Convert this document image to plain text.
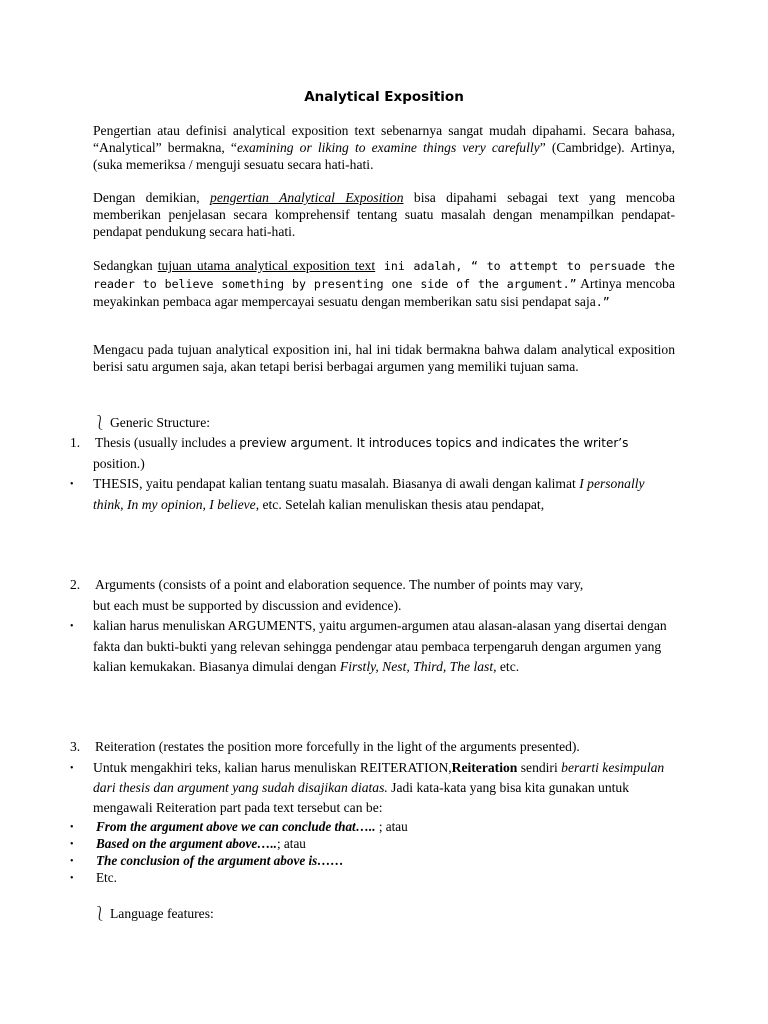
Analytical Exposition
Pengertian atau definisi analytical exposition text sebenarnya sangat mudah dipahami. Secara bahasa, “Analytical” bermakna, “examining or liking to examine things very carefully” (Cambridge). Artinya, (suka memeriksa / menguji sesuatu secara hati-hati.
Dengan demikian, pengertian Analytical Exposition bisa dipahami sebagai text yang mencoba memberikan penjelasan secara komprehensif tentang suatu masalah dengan menampilkan pendapat-pendapat pendukung secara hati-hati.
Sedangkan tujuan utama analytical exposition text ini adalah, “ to attempt to persuade the reader to believe something by presenting one side of the argument.” Artinya mencoba meyakinkan pembaca agar mempercayai sesuatu dengan memberikan satu sisi pendapat saja.”
Mengacu pada tujuan analytical exposition ini, hal ini tidak bermakna bahwa dalam analytical exposition berisi satu argumen saja, akan tetapi berisi berbagai argumen yang memiliki tujuan sama.
⎱ Generic Structure:
1. Thesis (usually includes a preview argument. It introduces topics and indicates the writer’s
position.)
• THESIS, yaitu pendapat kalian tentang suatu masalah. Biasanya di awali dengan kalimat I personally think, In my opinion, I believe, etc. Setelah kalian menuliskan thesis atau pendapat,
2. Arguments (consists of a point and elaboration sequence. The number of points may vary,
but each must be supported by discussion and evidence).
• kalian harus menuliskan ARGUMENTS, yaitu argumen-argumen atau alasan-alasan yang disertai dengan fakta dan bukti-bukti yang relevan sehingga pendengar atau pembaca terpengaruh dengan argumen yang kalian kemukakan. Biasanya dimulai dengan Firstly, Nest, Third, The last, etc.
3. Reiteration (restates the position more forcefully in the light of the arguments presented).
• Untuk mengakhiri teks, kalian harus menuliskan REITERATION,Reiteration sendiri berarti kesimpulan dari thesis dan argument yang sudah disajikan diatas. Jadi kata-kata yang bisa kita gunakan untuk mengawali Reiteration part pada text tersebut can be:
• From the argument above we can conclude that….. ; atau
• Based on the argument above…..; atau
• The conclusion of the argument above is……
• Etc.
⎱ Language features:
